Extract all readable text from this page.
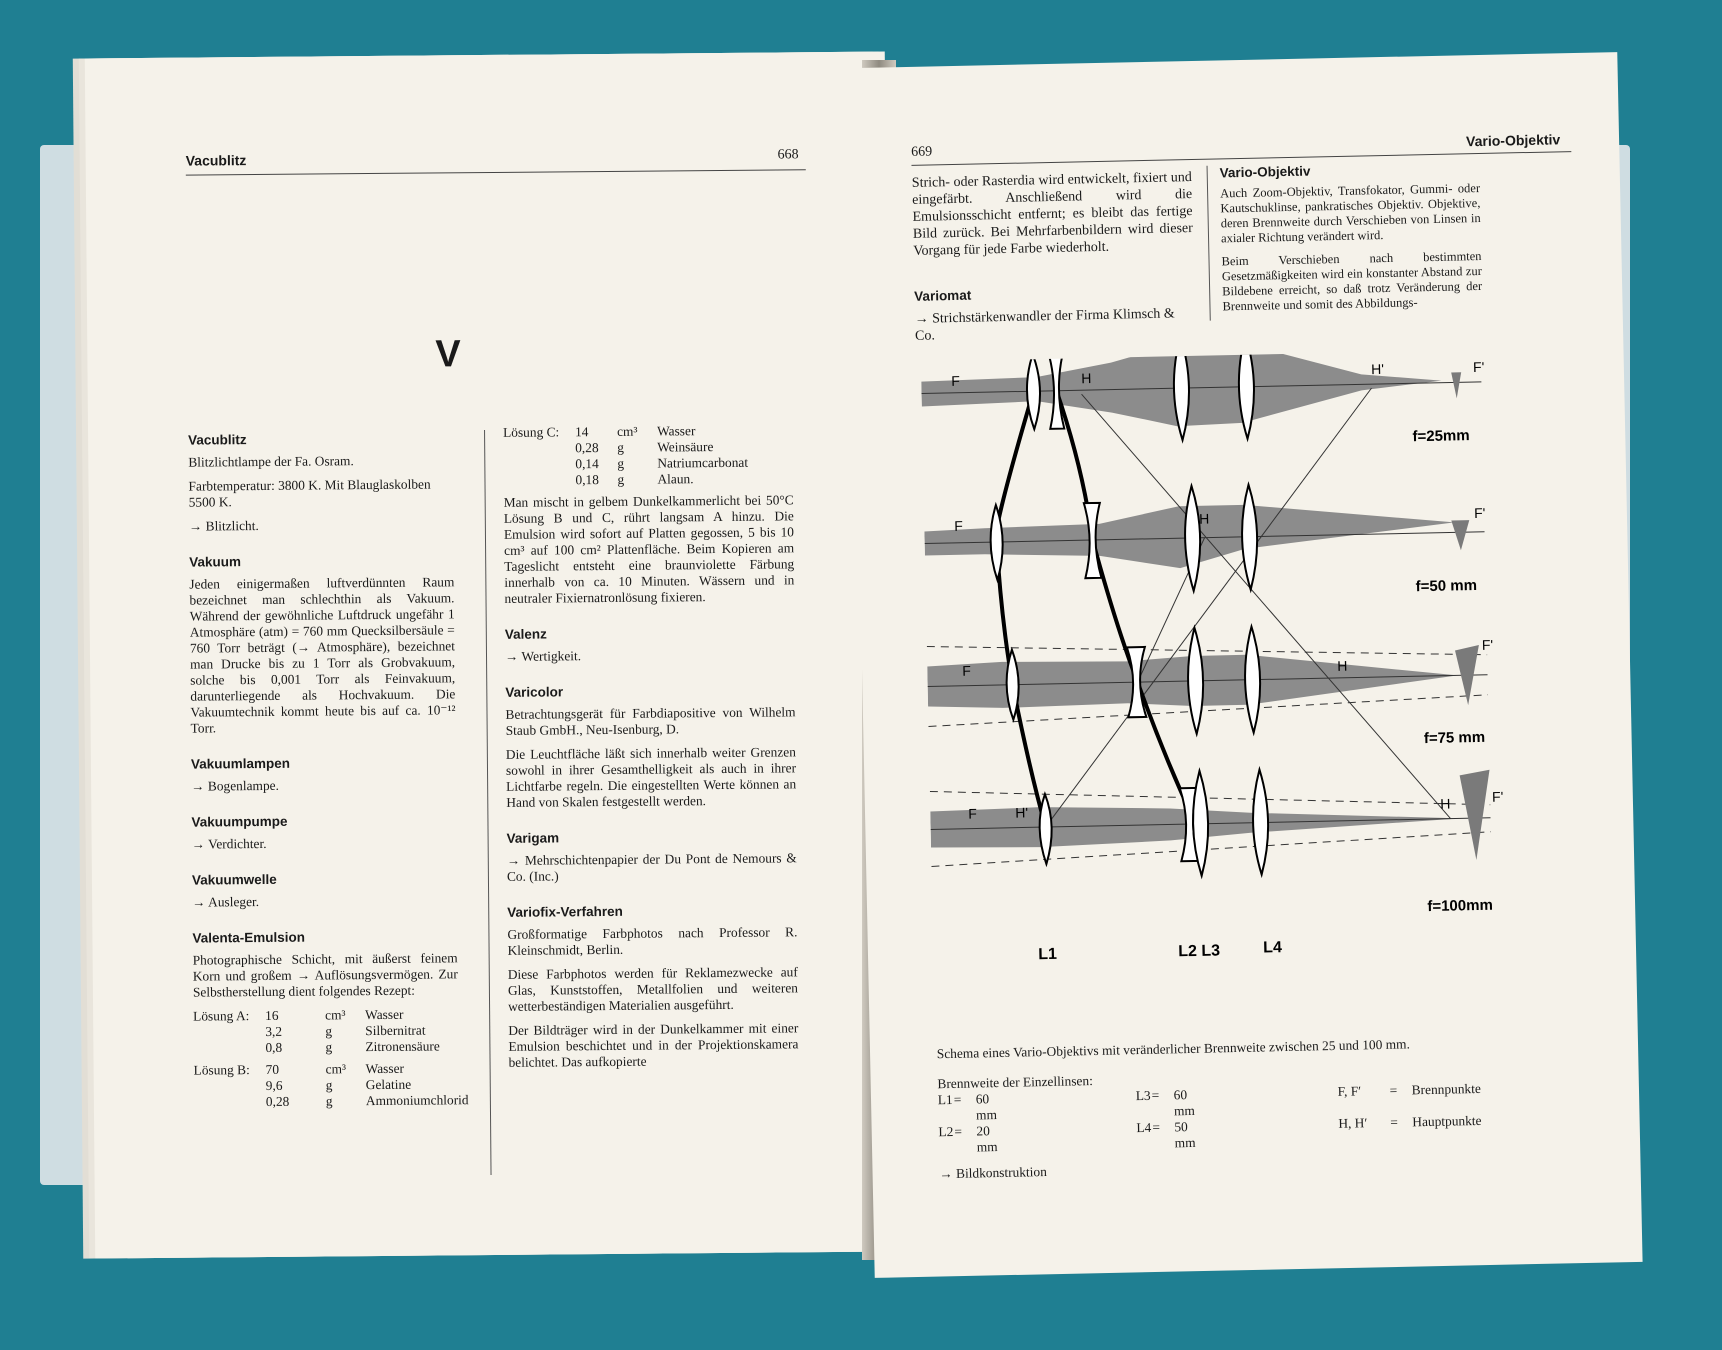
Vacublitz	668
V
Vacublitz

Blitzlichtlampe der Fa. Osram.

Farbtemperatur: 3800 K. Mit Blauglaskolben 5500 K.

→ Blitzlicht.

Vakuum

Jeden einigermaßen luftverdünnten Raum bezeichnet man schlechthin als Vakuum. Während der gewöhnliche Luftdruck ungefähr 1 Atmosphäre (atm) = 760 mm Quecksilbersäule = 760 Torr beträgt (→ Atmosphäre), bezeichnet man Drucke bis zu 1 Torr als Grobvakuum, solche bis 0,001 Torr als Feinvakuum, darunterliegende als Hochvakuum. Die Vakuumtechnik kommt heute bis auf ca. 10⁻¹² Torr.

Vakuumlampen

→ Bogenlampe.

Vakuumpumpe

→ Verdichter.

Vakuumwelle

→ Ausleger.

Valenta-Emulsion

Photographische Schicht, mit äußerst feinem Korn und großem → Auflösungsvermögen. Zur Selbstherstellung dient folgendes Rezept:

Lösung A:	16	cm³	Wasser
3,2	g	Silbernitrat
0,8	g	Zitronensäure
Lösung B:	70	cm³	Wasser
9,6	g	Gelatine
0,28	g	Ammoniumchlorid
Lösung C:	14	cm³	Wasser
0,28	g	Weinsäure
0,14	g	Natriumcarbonat
0,18	g	Alaun.

Man mischt in gelbem Dunkelkammerlicht bei 50°C Lösung B und C, rührt langsam A hinzu. Die Emulsion wird sofort auf Platten gegossen, 5 bis 10 cm³ auf 100 cm² Plattenfläche. Beim Kopieren am Tageslicht entsteht eine braunviolette Färbung innerhalb von ca. 10 Minuten. Wässern und in neutraler Fixiernatronlösung fixieren.

Valenz

→ Wertigkeit.

Varicolor

Betrachtungsgerät für Farbdiapositive von Wilhelm Staub GmbH., Neu-Isenburg, D.

Die Leuchtfläche läßt sich innerhalb weiter Grenzen sowohl in ihrer Gesamthelligkeit als auch in ihrer Lichtfarbe regeln. Die eingestellten Werte können an Hand von Skalen festgestellt werden.

Varigam

→ Mehrschichtenpapier der Du Pont de Nemours & Co. (Inc.)

Variofix-Verfahren

Großformatige Farbphotos nach Professor R. Kleinschmidt, Berlin.

Diese Farbphotos werden für Reklamezwecke auf Glas, Kunststoffen, Metallfolien und weiteren wetterbeständigen Materialien ausgeführt.

Der Bildträger wird in der Dunkelkammer mit einer Emulsion beschichtet und in der Projektionskamera belichtet. Das aufkopierte

669
Vario-Objektiv

Strich- oder Rasterdia wird entwickelt, fixiert und eingefärbt. Anschließend wird die Emulsionsschicht entfernt; es bleibt das fertige Bild zurück. Bei Mehrfarbenbildern wird dieser Vorgang für jede Farbe wiederholt.

Variomat

→ Strichstärkenwandler der Firma Klimsch & Co.

Vario-Objektiv

Auch Zoom-Objektiv, Transfokator, Gummi- oder Kautschuklinse, pankratisches Objektiv. Objektive, deren Brennweite durch Verschieben von Linsen in axialer Richtung verändert wird.

Beim Verschieben nach bestimmten Gesetzmäßigkeiten wird ein konstanter Abstand zur Bildebene erreicht, so daß trotz Veränderung der Brennweite und somit des Abbildungs-

F	H
H'	F'
F	H	F'
F	H
F'
F	H'
H	F'
f=25mm
f=50 mm
f=75 mm
f=100mm
L1	L2 L3	L4
Schema eines Vario-Objektivs mit veränderlicher Brennweite zwischen 25 und 100 mm.
Brennweite der Einzellinsen:
L1 =	60 mm
L3 =	60 mm
F, F′	=	Brennpunkte
L2 =	20 mm
L4 =	50 mm
H, H′	=	Hauptpunkte
→ Bildkonstruktion
